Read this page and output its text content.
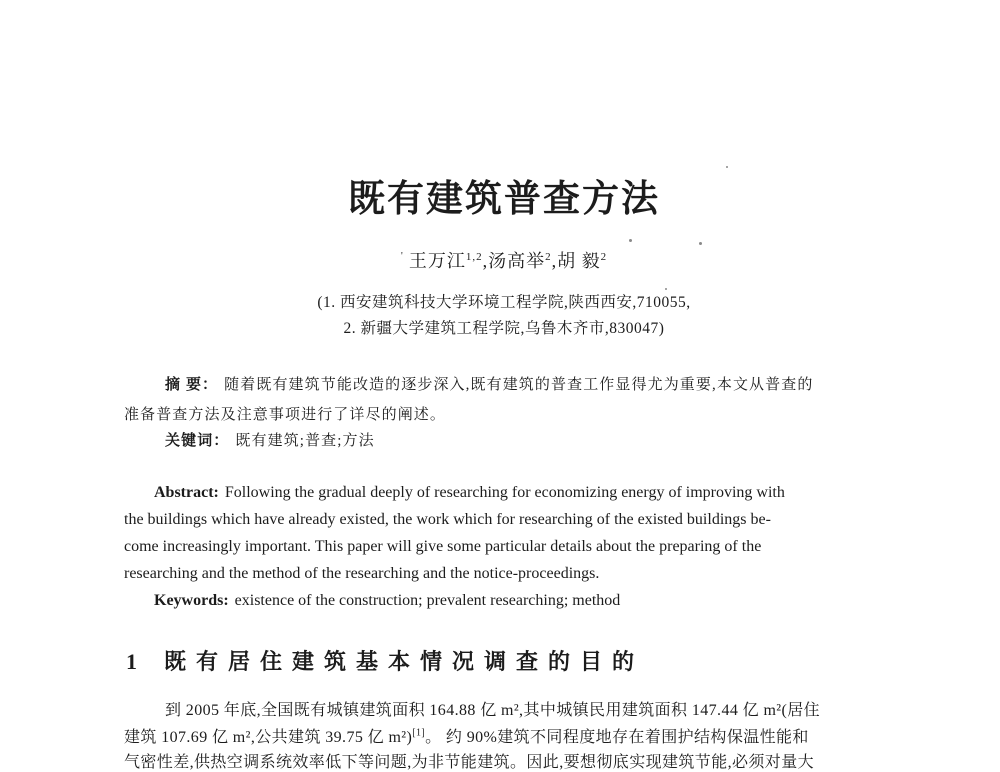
既有建筑普查方法

' 王万江$^{1,2}$,汤高举$^2$,胡 毅$^2$

(1. 西安建筑科技大学环境工程学院,陕西西安,710055,
2. 新疆大学建筑工程学院,乌鲁木齐市,830047)
摘 要： 随着既有建筑节能改造的逐步深入,既有建筑的普查工作显得尤为重要,本文从普查的
准备普查方法及注意事项进行了详尽的阐述。
关键词： 既有建筑;普查;方法
Abstract: Following the gradual deeply of researching for economizing energy of improving with
the buildings which have already existed, the work which for researching of the existed buildings be-
come increasingly important. This paper will give some particular details about the preparing of the
researching and the method of the researching and the notice-proceedings.
Keywords: existence of the construction; prevalent researching; method
1 既有居住建筑基本情况调查的目的
到 2005 年底,全国既有城镇建筑面积 164.88 亿 m²,其中城镇民用建筑面积 147.44 亿 m²(居住
建筑 107.69 亿 m²,公共建筑 39.75 亿 m²)[1]。 约 90%建筑不同程度地存在着围护结构保温性能和
气密性差,供热空调系统效率低下等问题,为非节能建筑。因此,要想彻底实现建筑节能,必须对量大
